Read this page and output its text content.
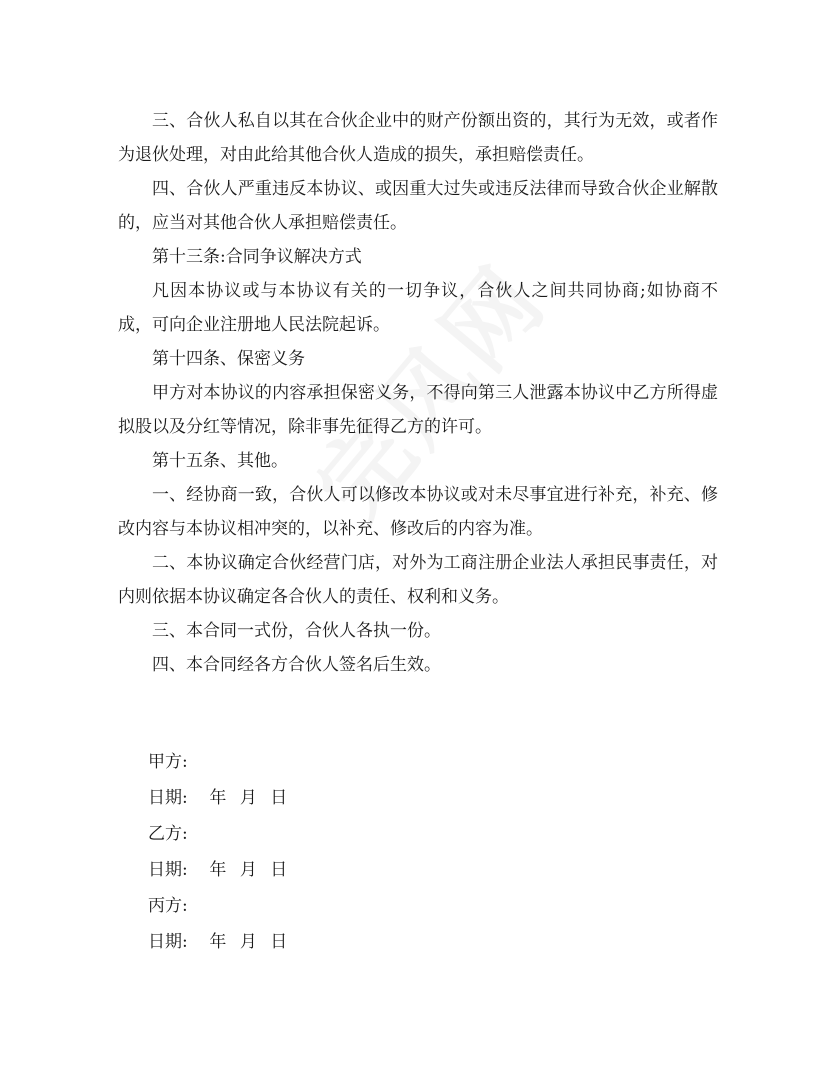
三、合伙人私自以其在合伙企业中的财产份额出资的，其行为无效，或者作为退伙处理，对由此给其他合伙人造成的损失，承担赔偿责任。

四、合伙人严重违反本协议、或因重大过失或违反法律而导致合伙企业解散的，应当对其他合伙人承担赔偿责任。

第十三条:合同争议解决方式

凡因本协议或与本协议有关的一切争议，合伙人之间共同协商;如协商不成，可向企业注册地人民法院起诉。

第十四条、保密义务

甲方对本协议的内容承担保密义务，不得向第三人泄露本协议中乙方所得虚拟股以及分红等情况，除非事先征得乙方的许可。

第十五条、其他。

一、经协商一致，合伙人可以修改本协议或对未尽事宜进行补充，补充、修改内容与本协议相冲突的，以补充、修改后的内容为准。

二、本协议确定合伙经营门店，对外为工商注册企业法人承担民事责任，对内则依据本协议确定各合伙人的责任、权利和义务。

三、本合同一式份，合伙人各执一份。

四、本合同经各方合伙人签名后生效。

甲方:
日期: 年 月 日
乙方:
日期: 年 月 日
丙方:
日期: 年 月 日
